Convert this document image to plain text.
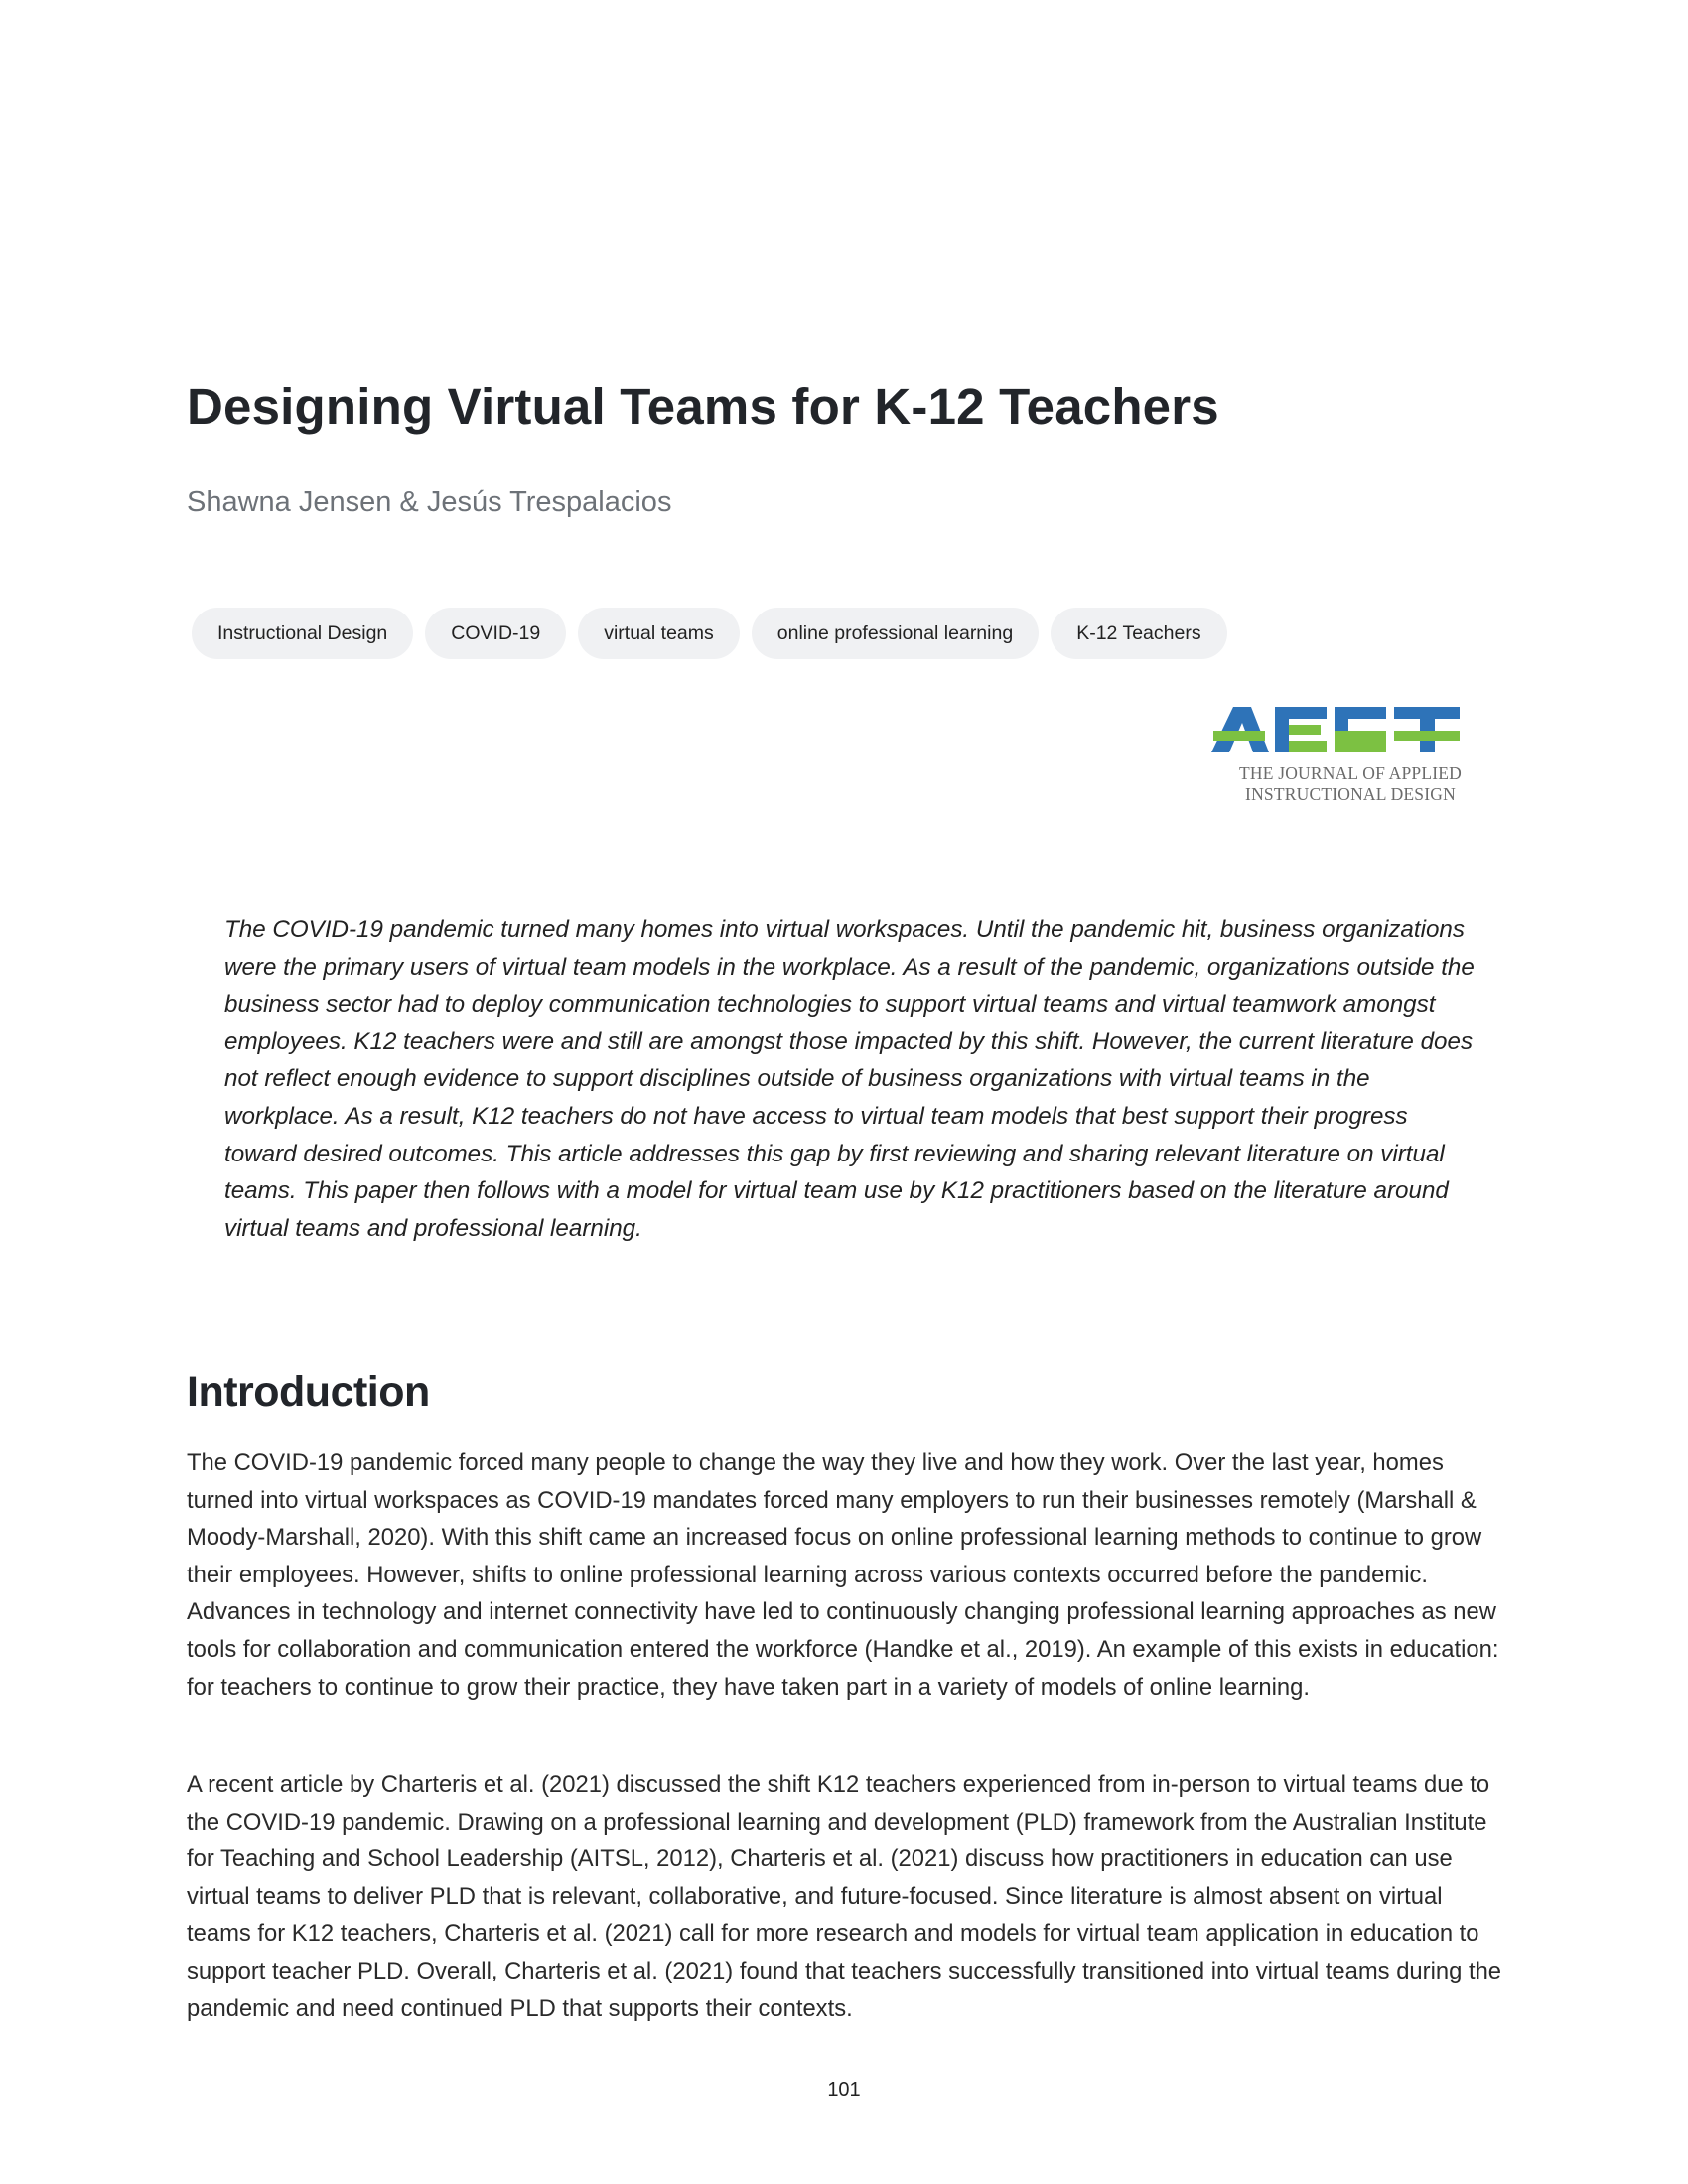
Designing Virtual Teams for K-12 Teachers

Shawna Jensen & Jesús Trespalacios

Instructional Design	COVID-19	virtual teams	online professional learning	K-12 Teachers
THE JOURNAL OF APPLIED
INSTRUCTIONAL DESIGN

The COVID-19 pandemic turned many homes into virtual workspaces. Until the pandemic hit, business organizations were the primary users of virtual team models in the workplace. As a result of the pandemic, organizations outside the business sector had to deploy communication technologies to support virtual teams and virtual teamwork amongst employees. K12 teachers were and still are amongst those impacted by this shift. However, the current literature does not reflect enough evidence to support disciplines outside of business organizations with virtual teams in the workplace. As a result, K12 teachers do not have access to virtual team models that best support their progress toward desired outcomes. This article addresses this gap by first reviewing and sharing relevant literature on virtual teams. This paper then follows with a model for virtual team use by K12 practitioners based on the literature around virtual teams and professional learning.

Introduction

The COVID-19 pandemic forced many people to change the way they live and how they work. Over the last year, homes turned into virtual workspaces as COVID-19 mandates forced many employers to run their businesses remotely (Marshall & Moody-Marshall, 2020). With this shift came an increased focus on online professional learning methods to continue to grow their employees. However, shifts to online professional learning across various contexts occurred before the pandemic. Advances in technology and internet connectivity have led to continuously changing professional learning approaches as new tools for collaboration and communication entered the workforce (Handke et al., 2019). An example of this exists in education: for teachers to continue to grow their practice, they have taken part in a variety of models of online learning.

A recent article by Charteris et al. (2021) discussed the shift K12 teachers experienced from in-person to virtual teams due to the COVID-19 pandemic. Drawing on a professional learning and development (PLD) framework from the Australian Institute for Teaching and School Leadership (AITSL, 2012), Charteris et al. (2021) discuss how practitioners in education can use virtual teams to deliver PLD that is relevant, collaborative, and future-focused. Since literature is almost absent on virtual teams for K12 teachers, Charteris et al. (2021) call for more research and models for virtual team application in education to support teacher PLD. Overall, Charteris et al. (2021) found that teachers successfully transitioned into virtual teams during the pandemic and need continued PLD that supports their contexts.

101
